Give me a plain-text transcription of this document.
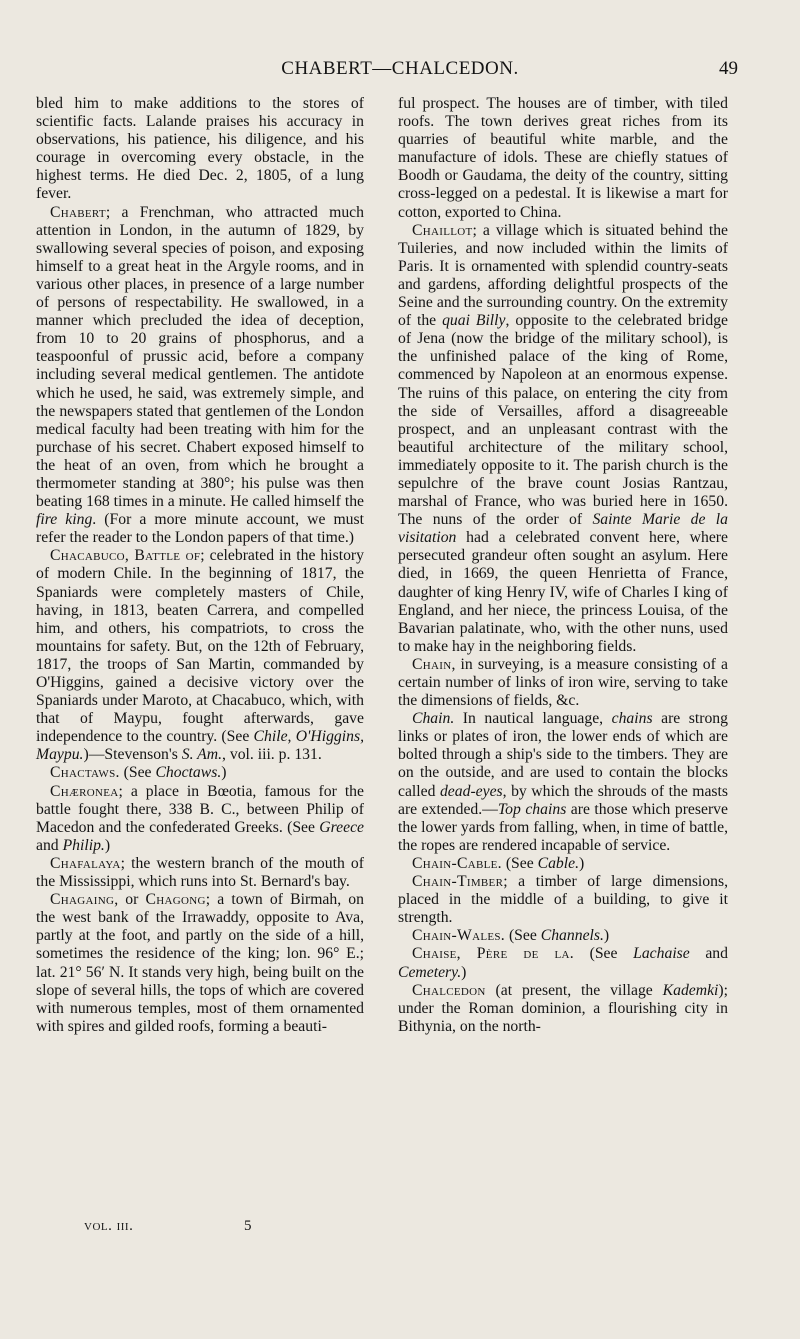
CHABERT—CHALCEDON.	49

bled him to make additions to the stores of scientific facts. Lalande praises his accuracy in observations, his patience, his diligence, and his courage in overcoming every obstacle, in the highest terms. He died Dec. 2, 1805, of a lung fever.

Chabert; a Frenchman, who attracted much attention in London, in the autumn of 1829, by swallowing several species of poison, and exposing himself to a great heat in the Argyle rooms, and in various other places, in presence of a large number of persons of respectability. He swallowed, in a manner which precluded the idea of deception, from 10 to 20 grains of phosphorus, and a teaspoonful of prussic acid, before a company including several medical gentlemen. The antidote which he used, he said, was extremely simple, and the newspapers stated that gentlemen of the London medical faculty had been treating with him for the purchase of his secret. Chabert exposed himself to the heat of an oven, from which he brought a thermometer standing at 380°; his pulse was then beating 168 times in a minute. He called himself the fire king. (For a more minute account, we must refer the reader to the London papers of that time.)

Chacabuco, Battle of; celebrated in the history of modern Chile. In the beginning of 1817, the Spaniards were completely masters of Chile, having, in 1813, beaten Carrera, and compelled him, and others, his compatriots, to cross the mountains for safety. But, on the 12th of February, 1817, the troops of San Martin, commanded by O'Higgins, gained a decisive victory over the Spaniards under Maroto, at Chacabuco, which, with that of Maypu, fought afterwards, gave independence to the country. (See Chile, O'Higgins, Maypu.)—Stevenson's S. Am., vol. iii. p. 131.

Chactaws. (See Choctaws.)

Chæronea; a place in Bœotia, famous for the battle fought there, 338 B. C., between Philip of Macedon and the confederated Greeks. (See Greece and Philip.)

Chafalaya; the western branch of the mouth of the Mississippi, which runs into St. Bernard's bay.

Chagaing, or Chagong; a town of Birmah, on the west bank of the Irrawaddy, opposite to Ava, partly at the foot, and partly on the side of a hill, sometimes the residence of the king; lon. 96° E.; lat. 21° 56′ N. It stands very high, being built on the slope of several hills, the tops of which are covered with numerous temples, most of them ornamented with spires and gilded roofs, forming a beauti-

ful prospect. The houses are of timber, with tiled roofs. The town derives great riches from its quarries of beautiful white marble, and the manufacture of idols. These are chiefly statues of Boodh or Gaudama, the deity of the country, sitting cross-legged on a pedestal. It is likewise a mart for cotton, exported to China.

Chaillot; a village which is situated behind the Tuileries, and now included within the limits of Paris. It is ornamented with splendid country-seats and gardens, affording delightful prospects of the Seine and the surrounding country. On the extremity of the quai Billy, opposite to the celebrated bridge of Jena (now the bridge of the military school), is the unfinished palace of the king of Rome, commenced by Napoleon at an enormous expense. The ruins of this palace, on entering the city from the side of Versailles, afford a disagreeable prospect, and an unpleasant contrast with the beautiful architecture of the military school, immediately opposite to it. The parish church is the sepulchre of the brave count Josias Rantzau, marshal of France, who was buried here in 1650. The nuns of the order of Sainte Marie de la visitation had a celebrated convent here, where persecuted grandeur often sought an asylum. Here died, in 1669, the queen Henrietta of France, daughter of king Henry IV, wife of Charles I king of England, and her niece, the princess Louisa, of the Bavarian palatinate, who, with the other nuns, used to make hay in the neighboring fields.

Chain, in surveying, is a measure consisting of a certain number of links of iron wire, serving to take the dimensions of fields, &c.

Chain. In nautical language, chains are strong links or plates of iron, the lower ends of which are bolted through a ship's side to the timbers. They are on the outside, and are used to contain the blocks called dead-eyes, by which the shrouds of the masts are extended.—Top chains are those which preserve the lower yards from falling, when, in time of battle, the ropes are rendered incapable of service.

Chain-Cable. (See Cable.)

Chain-Timber; a timber of large dimensions, placed in the middle of a building, to give it strength.

Chain-Wales. (See Channels.)

Chaise, Père de la. (See Lachaise and Cemetery.)

Chalcedon (at present, the village Kademki); under the Roman dominion, a flourishing city in Bithynia, on the north-

vol. iii.	5
